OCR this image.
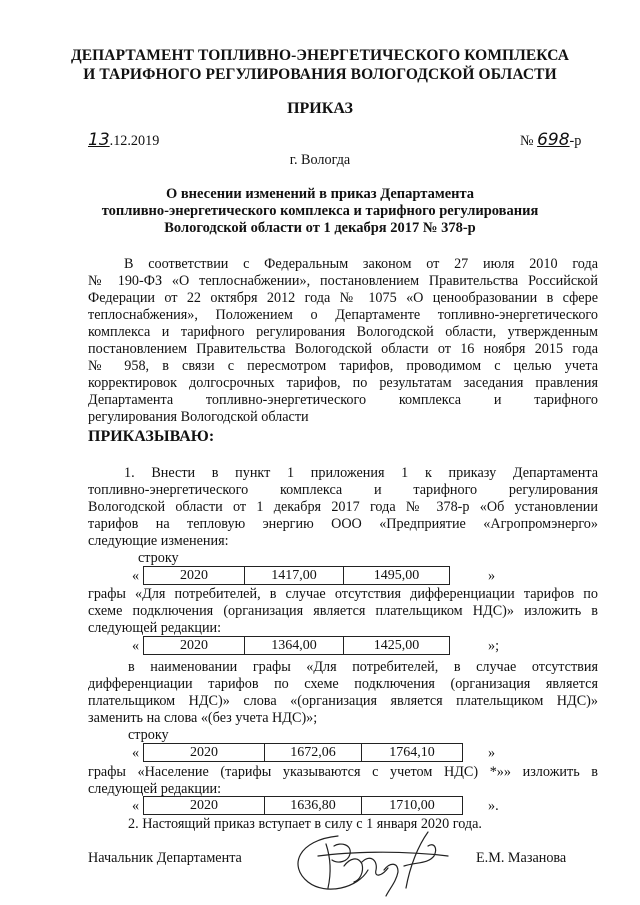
ДЕПАРТАМЕНТ ТОПЛИВНО-ЭНЕРГЕТИЧЕСКОГО КОМПЛЕКСА
И ТАРИФНОГО РЕГУЛИРОВАНИЯ ВОЛОГОДСКОЙ ОБЛАСТИ
ПРИКАЗ
13.12.2019	№ 698-р
г. Вологда
О внесении изменений в приказ Департамента
топливно-энергетического комплекса и тарифного регулирования
Вологодской области от 1 декабря 2017 № 378-р
В соответствии с Федеральным законом от 27 июля 2010 года
№ 190-ФЗ «О теплоснабжении», постановлением Правительства Российской
Федерации от 22 октября 2012 года № 1075 «О ценообразовании в сфере
теплоснабжения», Положением о Департаменте топливно-энергетического
комплекса и тарифного регулирования Вологодской области, утвержденным
постановлением Правительства Вологодской области от 16 ноября 2015 года
№ 958, в связи с пересмотром тарифов, проводимом с целью учета
корректировок долгосрочных тарифов, по результатам заседания правления
Департамента топливно-энергетического комплекса и тарифного
регулирования Вологодской области
ПРИКАЗЫВАЮ:
1. Внести в пункт 1 приложения 1 к приказу Департамента
топливно-энергетического комплекса и тарифного регулирования
Вологодской области от 1 декабря 2017 года № 378-р «Об установлении
тарифов на тепловую энергию ООО «Предприятие «Агропромэнерго»
следующие изменения:
строку
«	2020	1417,00	1495,00	»
графы «Для потребителей, в случае отсутствия дифференциации тарифов по
схеме подключения (организация является плательщиком НДС)» изложить в
следующей редакции:
«	2020	1364,00	1425,00	»;
в наименовании графы «Для потребителей, в случае отсутствия
дифференциации тарифов по схеме подключения (организация является
плательщиком НДС)» слова «(организация является плательщиком НДС)»
заменить на слова «(без учета НДС)»;
строку
«	2020	1672,06	1764,10	»
графы «Население (тарифы указываются с учетом НДС) *»» изложить в
следующей редакции:
«	2020	1636,80	1710,00	».
2. Настоящий приказ вступает в силу с 1 января 2020 года.
Начальник Департамента	Е.М. Мазанова
